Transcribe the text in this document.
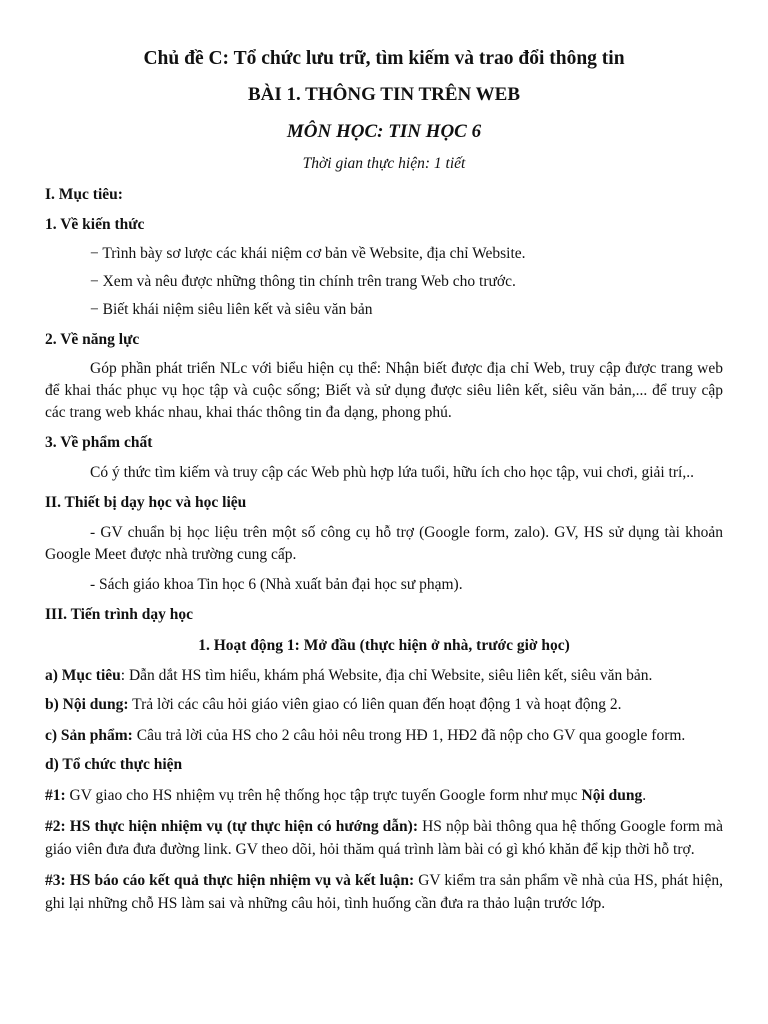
Chủ đề C: Tổ chức lưu trữ, tìm kiếm và trao đổi thông tin

BÀI 1. THÔNG TIN TRÊN WEB

MÔN HỌC: TIN HỌC 6

Thời gian thực hiện: 1 tiết

I. Mục tiêu:

1. Về kiến thức

− Trình bày sơ lược các khái niệm cơ bản về Website, địa chỉ Website.

− Xem và nêu được những thông tin chính trên trang Web cho trước.

− Biết khái niệm siêu liên kết và siêu văn bản

2. Về năng lực

Góp phần phát triển NLc với biểu hiện cụ thể: Nhận biết được địa chỉ Web, truy cập được trang web để khai thác phục vụ học tập và cuộc sống; Biết và sử dụng được siêu liên kết, siêu văn bản,... để truy cập các trang web khác nhau, khai thác thông tin đa dạng, phong phú.

3. Về phẩm chất

Có ý thức tìm kiếm và truy cập các Web phù hợp lứa tuổi, hữu ích cho học tập, vui chơi, giải trí,..

II. Thiết bị dạy học và học liệu

- GV chuẩn bị học liệu trên một số công cụ hỗ trợ (Google form, zalo). GV, HS sử dụng tài khoản Google Meet được nhà trường cung cấp.

- Sách giáo khoa Tin học 6 (Nhà xuất bản đại học sư phạm).

III. Tiến trình dạy học

1. Hoạt động 1: Mở đầu (thực hiện ở nhà, trước giờ học)

a) Mục tiêu: Dẫn dắt HS tìm hiểu, khám phá Website, địa chỉ Website, siêu liên kết, siêu văn bản.

b) Nội dung: Trả lời các câu hỏi giáo viên giao có liên quan đến hoạt động 1 và hoạt động 2.

c) Sản phẩm: Câu trả lời của HS cho 2 câu hỏi nêu trong HĐ 1, HĐ2 đã nộp cho GV qua google form.

d) Tổ chức thực hiện

#1: GV giao cho HS nhiệm vụ trên hệ thống học tập trực tuyến Google form như mục Nội dung.

#2: HS thực hiện nhiệm vụ (tự thực hiện có hướng dẫn): HS nộp bài thông qua hệ thống Google form mà giáo viên đưa đưa đường link. GV theo dõi, hỏi thăm quá trình làm bài có gì khó khăn để kịp thời hỗ trợ.

#3: HS báo cáo kết quả thực hiện nhiệm vụ và kết luận: GV kiểm tra sản phẩm về nhà của HS, phát hiện, ghi lại những chỗ HS làm sai và những câu hỏi, tình huống cần đưa ra thảo luận trước lớp.
